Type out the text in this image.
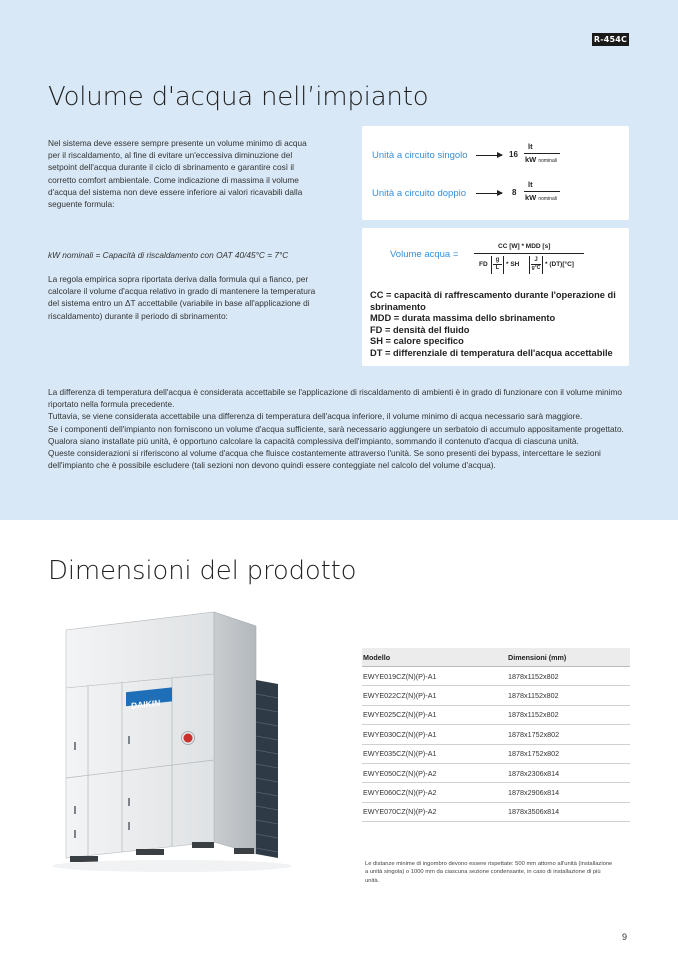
R-454C
Volume d'acqua nell’impianto

Nel sistema deve essere sempre presente un volume minimo di acqua per il riscaldamento, al fine di evitare un'eccessiva diminuzione del setpoint dell'acqua durante il ciclo di sbrinamento e garantire così il corretto comfort ambientale. Come indicazione di massima il volume d'acqua del sistema non deve essere inferiore ai valori ricavabili dalla seguente formula:

kW nominali = Capacità di riscaldamento con OAT 40/45°C = 7°C
La regola empirica sopra riportata deriva dalla formula qui a fianco, per calcolare il volume d'acqua relativo in grado di mantenere la temperatura del sistema entro un ΔT accettabile (variabile in base all'applicazione di riscaldamento) durante il periodo di sbrinamento:
Unità a circuito singolo	16
lt
kW nominali
Unità a circuito doppio	8
lt
kW nominali
Volume acqua =
CC [W] * MDD [s]
FD
g
L	* SH
J
g°C * (DT)[°C]
CC = capacità di raffrescamento durante l'operazione di sbrinamento
MDD = durata massima dello sbrinamento
FD = densità del fluido
SH = calore specifico
DT = differenziale di temperatura dell'acqua accettabile
La differenza di temperatura dell'acqua è considerata accettabile se l'applicazione di riscaldamento di ambienti è in grado di funzionare con il volume minimo riportato nella formula precedente.
Tuttavia, se viene considerata accettabile una differenza di temperatura dell'acqua inferiore, il volume minimo di acqua necessario sarà maggiore.
Se i componenti dell'impianto non forniscono un volume d'acqua sufficiente, sarà necessario aggiungere un serbatoio di accumulo appositamente progettato.
Qualora siano installate più unità, è opportuno calcolare la capacità complessiva dell'impianto, sommando il contenuto d'acqua di ciascuna unità.
Queste considerazioni si riferiscono al volume d'acqua che fluisce costantemente attraverso l'unità. Se sono presenti dei bypass, intercettare le sezioni dell'impianto che è possibile escludere (tali sezioni non devono quindi essere conteggiate nel calcolo del volume d'acqua).
Dimensioni del prodotto
DAIKIN
Modello	Dimensioni (mm)
EWYE019CZ(N)(P)-A1	1878x1152x802
EWYE022CZ(N)(P)-A1	1878x1152x802
EWYE025CZ(N)(P)-A1	1878x1152x802
EWYE030CZ(N)(P)-A1	1878x1752x802
EWYE035CZ(N)(P)-A1	1878x1752x802
EWYE050CZ(N)(P)-A2	1878x2306x814
EWYE060CZ(N)(P)-A2	1878x2906x814
EWYE070CZ(N)(P)-A2	1878x3506x814
Le distanze minime di ingombro devono essere rispettate: 500 mm attorno all'unità (installazione a unità singola) o 1000 mm da ciascuna sezione condensante, in caso di installazione di più unità.
9
